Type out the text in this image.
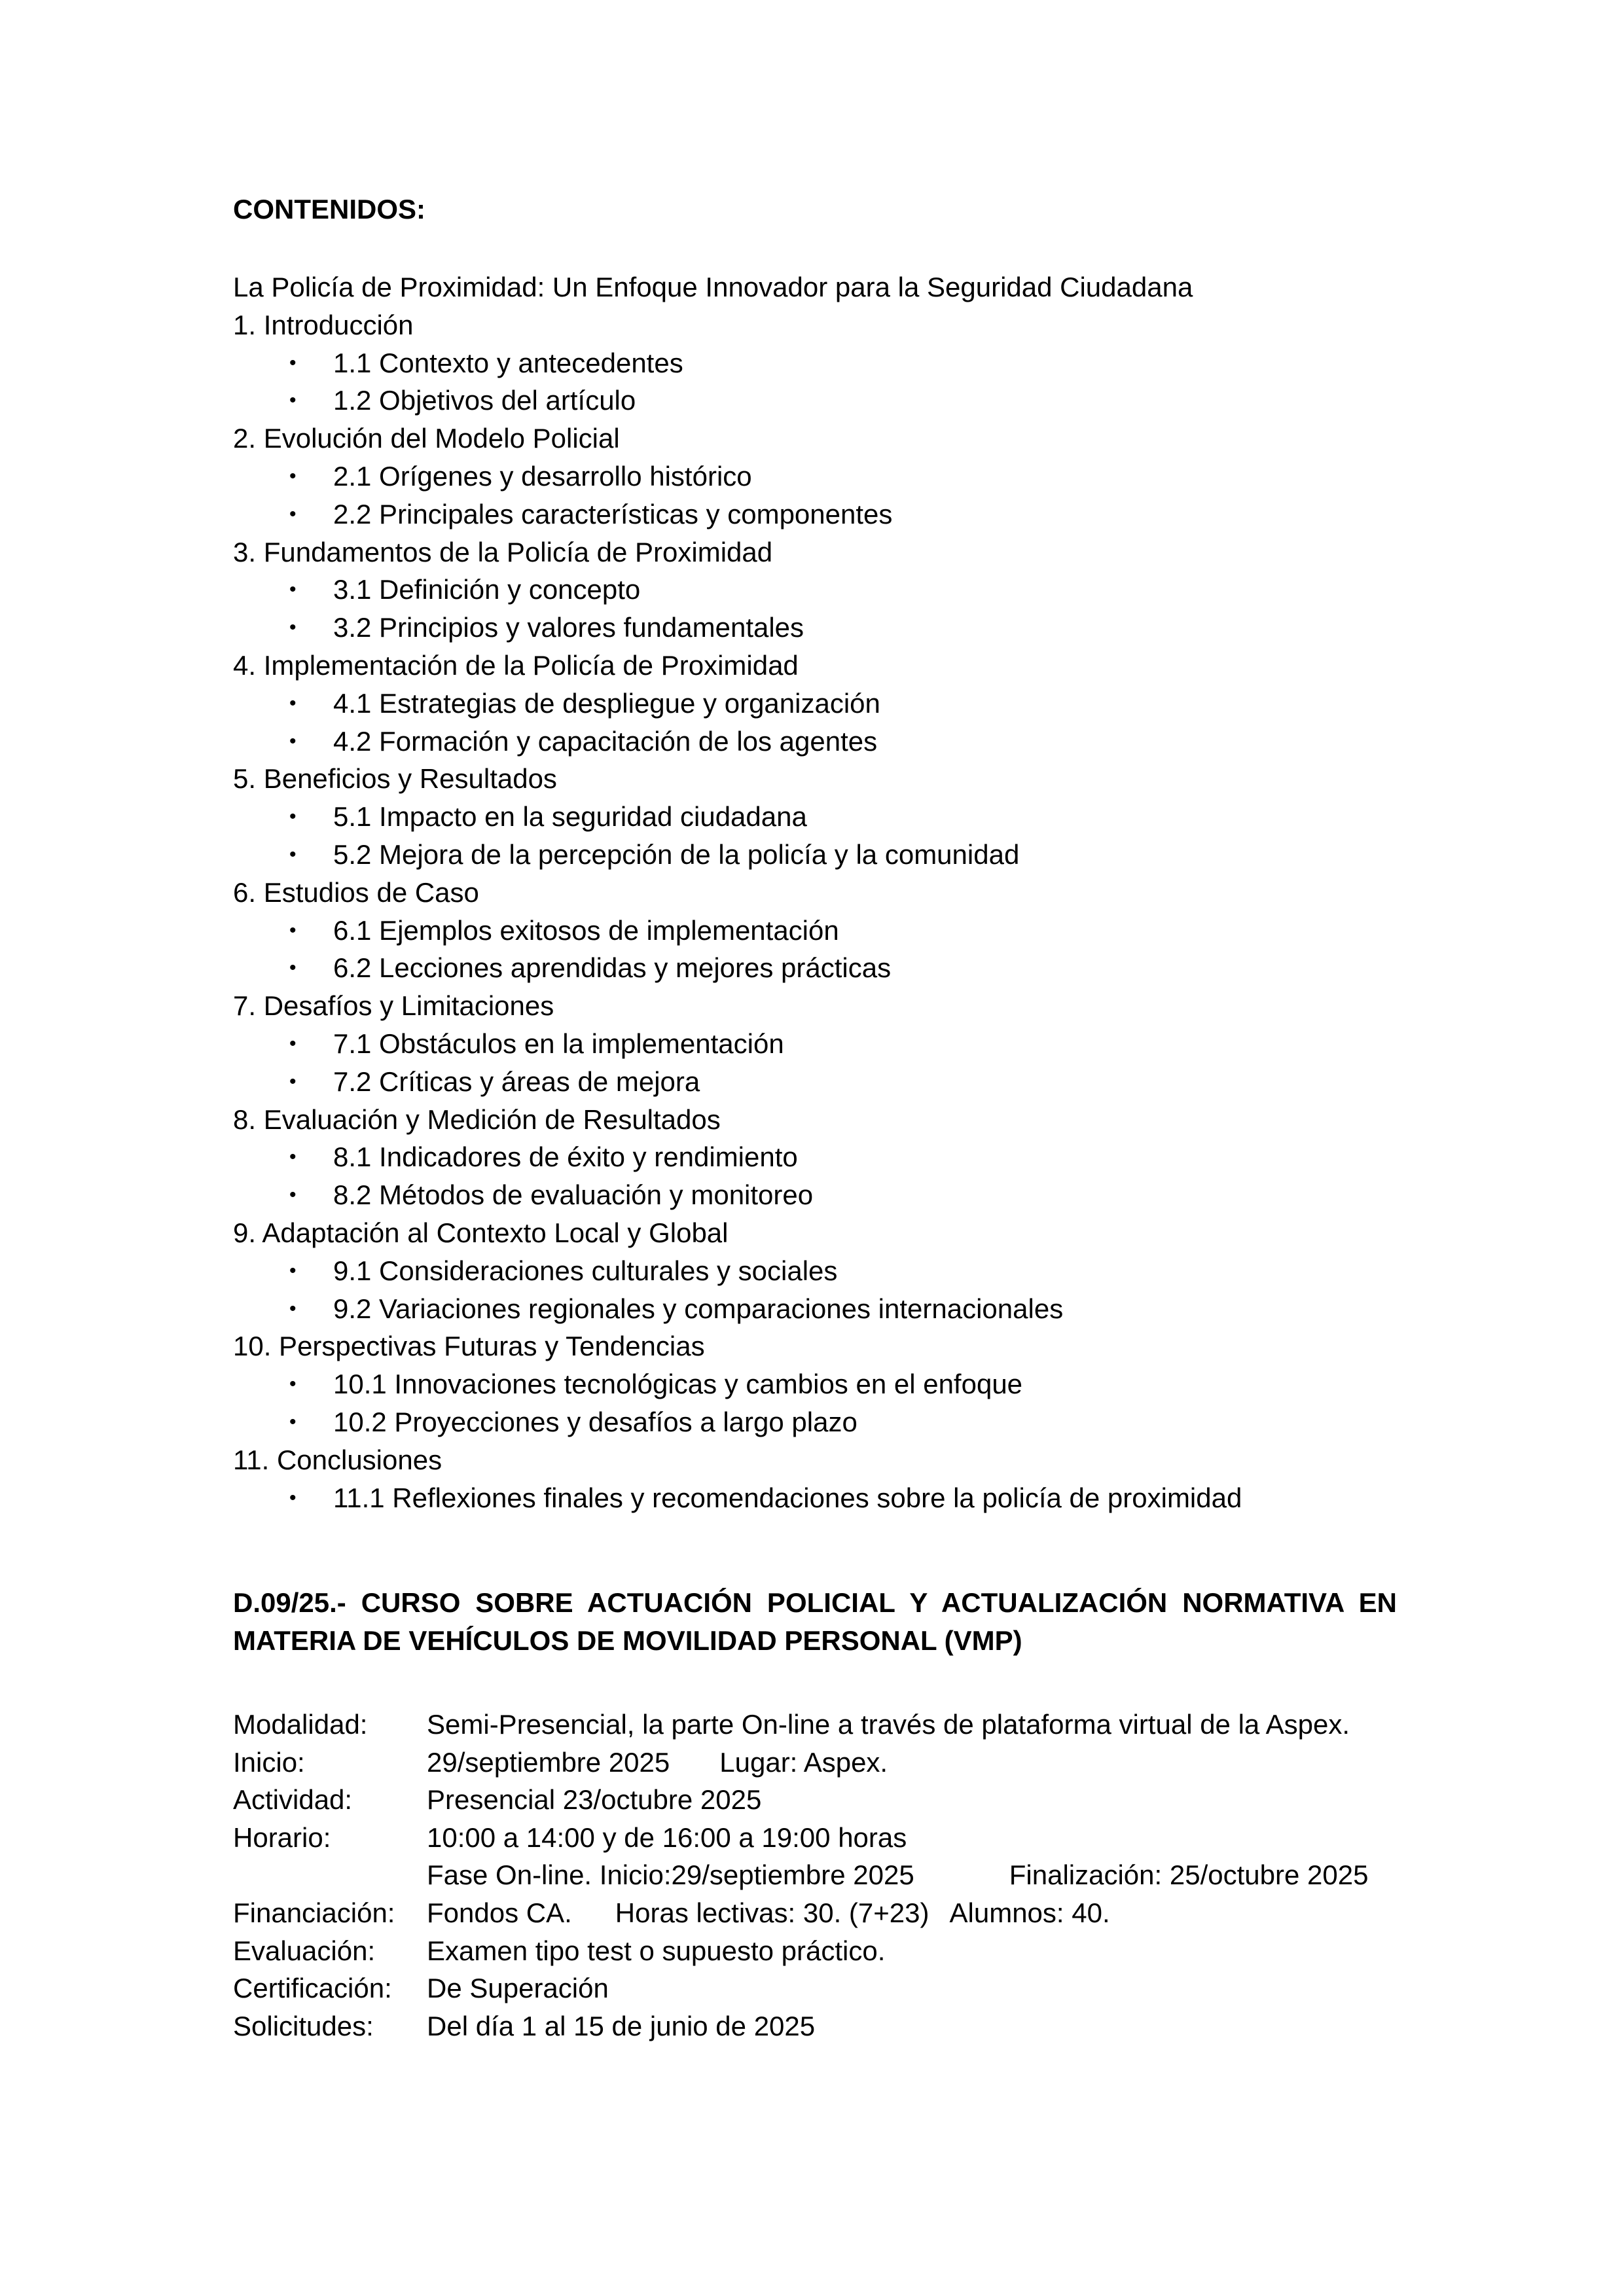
CONTENIDOS:
La Policía de Proximidad: Un Enfoque Innovador para la Seguridad Ciudadana
1. Introducción
• 1.1 Contexto y antecedentes
• 1.2 Objetivos del artículo
2. Evolución del Modelo Policial
• 2.1 Orígenes y desarrollo histórico
• 2.2 Principales características y componentes
3. Fundamentos de la Policía de Proximidad
• 3.1 Definición y concepto
• 3.2 Principios y valores fundamentales
4. Implementación de la Policía de Proximidad
• 4.1 Estrategias de despliegue y organización
• 4.2 Formación y capacitación de los agentes
5. Beneficios y Resultados
• 5.1 Impacto en la seguridad ciudadana
• 5.2 Mejora de la percepción de la policía y la comunidad
6. Estudios de Caso
• 6.1 Ejemplos exitosos de implementación
• 6.2 Lecciones aprendidas y mejores prácticas
7. Desafíos y Limitaciones
• 7.1 Obstáculos en la implementación
• 7.2 Críticas y áreas de mejora
8. Evaluación y Medición de Resultados
• 8.1 Indicadores de éxito y rendimiento
• 8.2 Métodos de evaluación y monitoreo
9. Adaptación al Contexto Local y Global
• 9.1 Consideraciones culturales y sociales
• 9.2 Variaciones regionales y comparaciones internacionales
10. Perspectivas Futuras y Tendencias
• 10.1 Innovaciones tecnológicas y cambios en el enfoque
• 10.2 Proyecciones y desafíos a largo plazo
11. Conclusiones
• 11.1 Reflexiones finales y recomendaciones sobre la policía de proximidad
D.09/25.- CURSO SOBRE ACTUACIÓN POLICIAL Y ACTUALIZACIÓN NORMATIVA EN MATERIA DE VEHÍCULOS DE MOVILIDAD PERSONAL (VMP)
Modalidad:	Semi-Presencial, la parte On-line a través de plataforma virtual de la Aspex.
Inicio:	29/septiembre 2025 Lugar: Aspex.
Actividad:	Presencial 23/octubre 2025
Horario:	10:00 a 14:00 y de 16:00 a 19:00 horas
Fase On-line. Inicio:29/septiembre 2025	Finalización: 25/octubre 2025
Financiación:	Fondos CA. Horas lectivas: 30. (7+23) Alumnos: 40.
Evaluación:	Examen tipo test o supuesto práctico.
Certificación:	De Superación
Solicitudes:	Del día 1 al 15 de junio de 2025
